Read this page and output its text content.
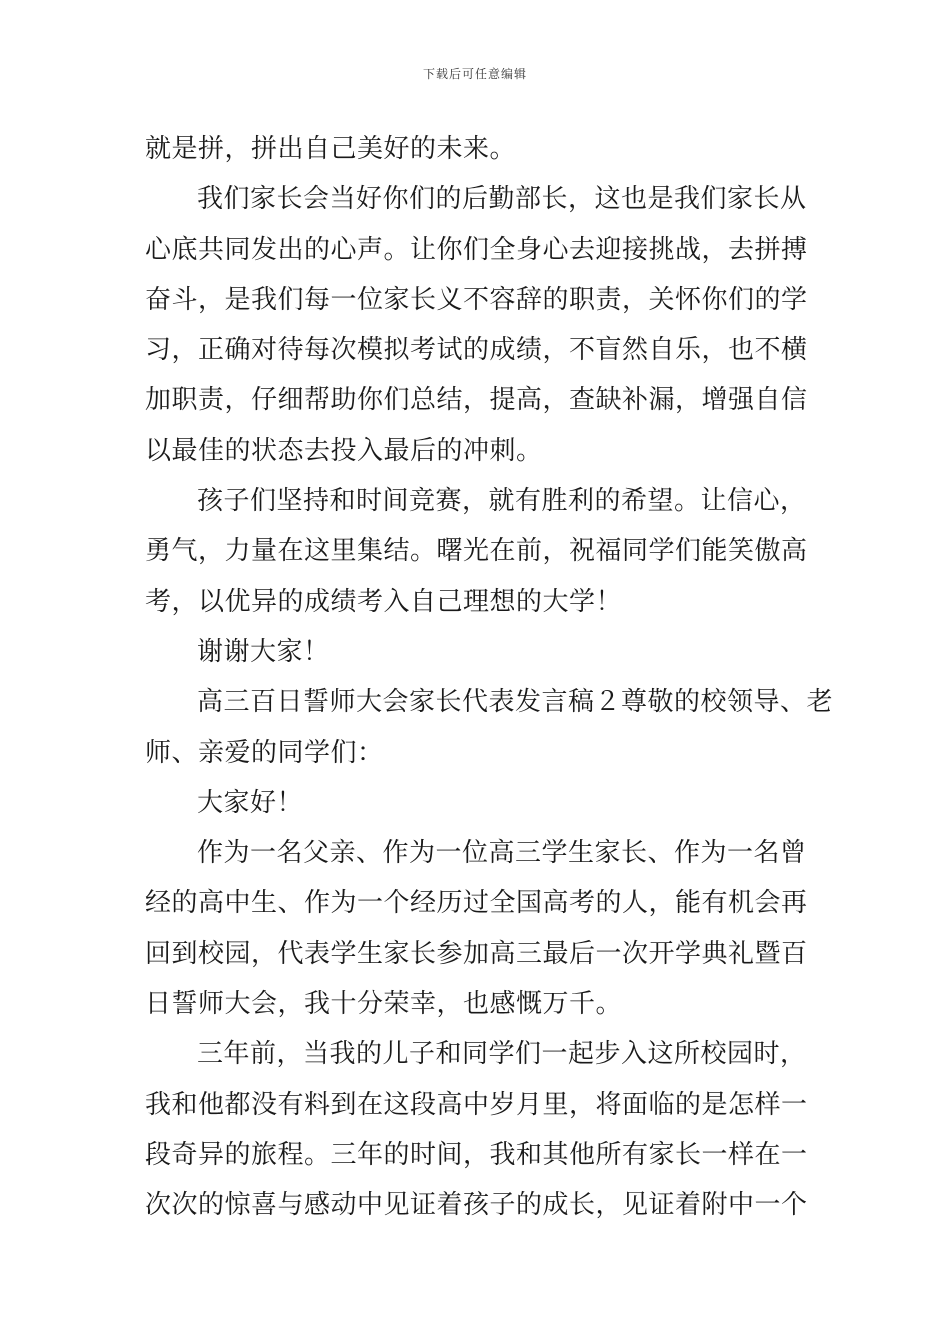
下载后可任意编辑
就是拼，拼出自己美好的未来。
我们家长会当好你们的后勤部长，这也是我们家长从
心底共同发出的心声。让你们全身心去迎接挑战，去拼搏
奋斗，是我们每一位家长义不容辞的职责，关怀你们的学
习，正确对待每次模拟考试的成绩，不盲然自乐，也不横
加职责，仔细帮助你们总结，提高，查缺补漏，增强自信
以最佳的状态去投入最后的冲刺。
孩子们坚持和时间竞赛，就有胜利的希望。让信心，
勇气，力量在这里集结。曙光在前，祝福同学们能笑傲高
考，以优异的成绩考入自己理想的大学！
谢谢大家！
高三百日誓师大会家长代表发言稿２尊敬的校领导、老
师、亲爱的同学们：
大家好！
作为一名父亲、作为一位高三学生家长、作为一名曾
经的高中生、作为一个经历过全国高考的人，能有机会再
回到校园，代表学生家长参加高三最后一次开学典礼暨百
日誓师大会，我十分荣幸，也感慨万千。
三年前，当我的儿子和同学们一起步入这所校园时，
我和他都没有料到在这段高中岁月里，将面临的是怎样一
段奇异的旅程。三年的时间，我和其他所有家长一样在一
次次的惊喜与感动中见证着孩子的成长，见证着附中一个
